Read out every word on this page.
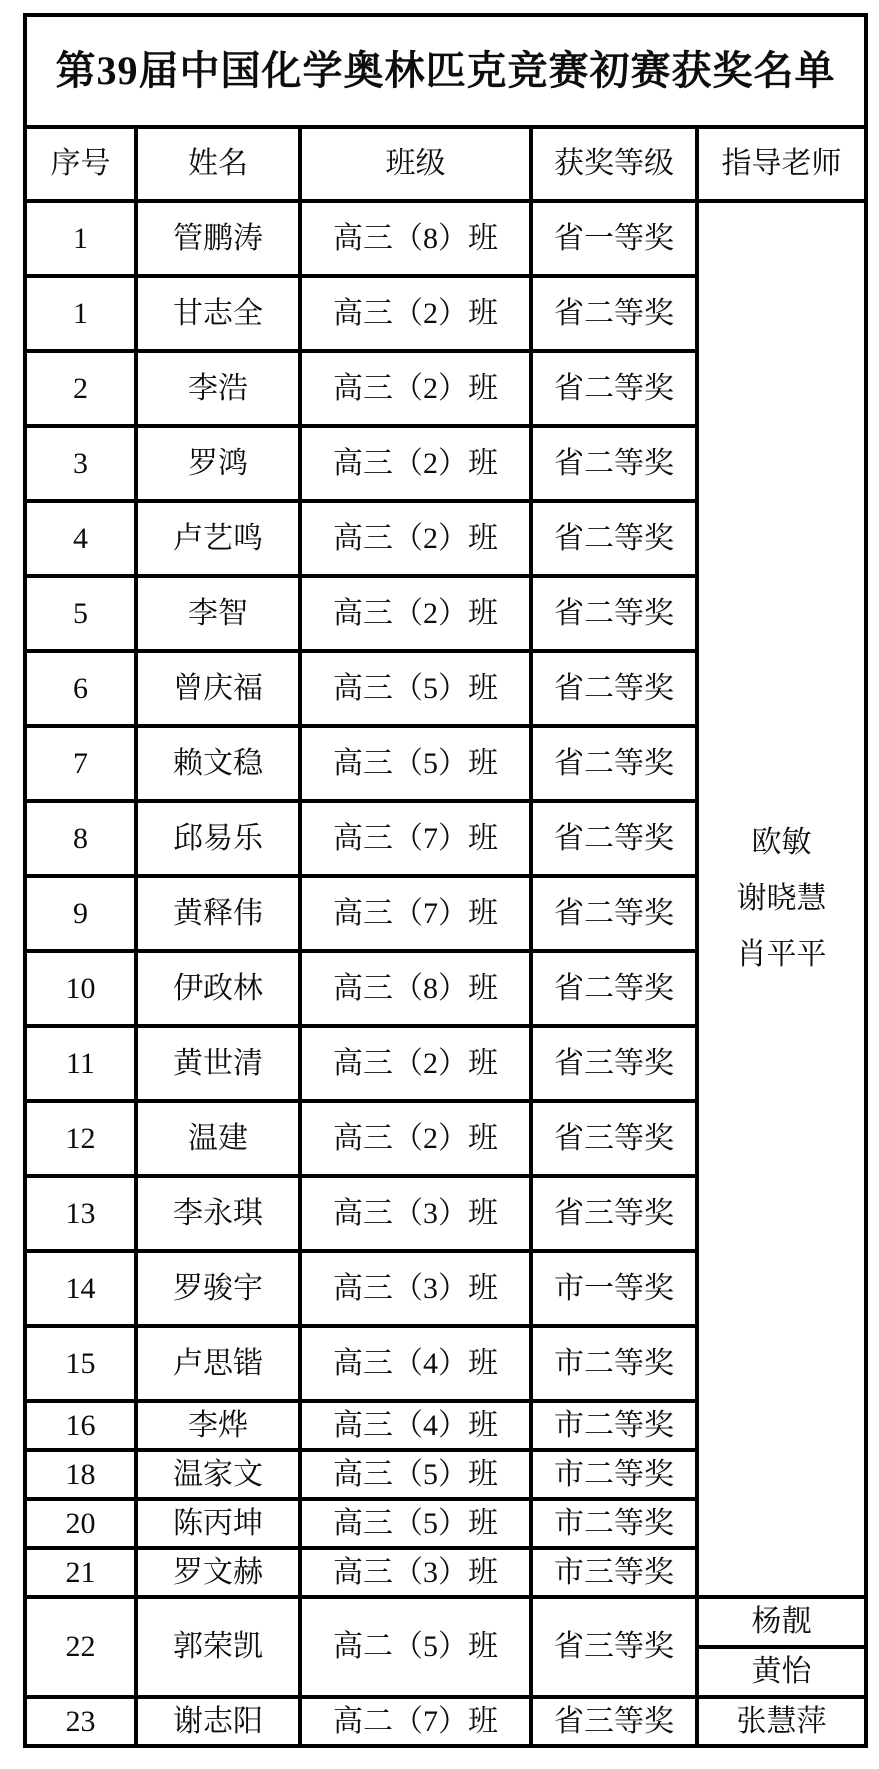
第39届中国化学奥林匹克竞赛初赛获奖名单				
序号	姓名	班级	获奖等级	指导老师
1	管鹏涛	高三（8）班	省一等奖	欧敏
谢晓慧
肖平平

1	甘志全	高三（2）班	省二等奖	
2	李浩	高三（2）班	省二等奖	
3	罗鸿	高三（2）班	省二等奖	
4	卢艺鸣	高三（2）班	省二等奖	
5	李智	高三（2）班	省二等奖	
6	曾庆福	高三（5）班	省二等奖	
7	赖文稳	高三（5）班	省二等奖	
8	邱易乐	高三（7）班	省二等奖	
9	黄释伟	高三（7）班	省二等奖	
10	伊政林	高三（8）班	省二等奖	
11	黄世清	高三（2）班	省三等奖	
12	温建	高三（2）班	省三等奖	
13	李永琪	高三（3）班	省三等奖	
14	罗骏宇	高三（3）班	市一等奖	
15	卢思锴	高三（4）班	市二等奖	
16	李烨	高三（4）班	市二等奖	
18	温家文	高三（5）班	市二等奖	
20	陈丙坤	高三（5）班	市二等奖	
21	罗文赫	高三（3）班	市三等奖	
22	郭荣凯	高二（5）班	省三等奖	杨靓
				黄怡
23	谢志阳	高二（7）班	省三等奖	张慧萍
